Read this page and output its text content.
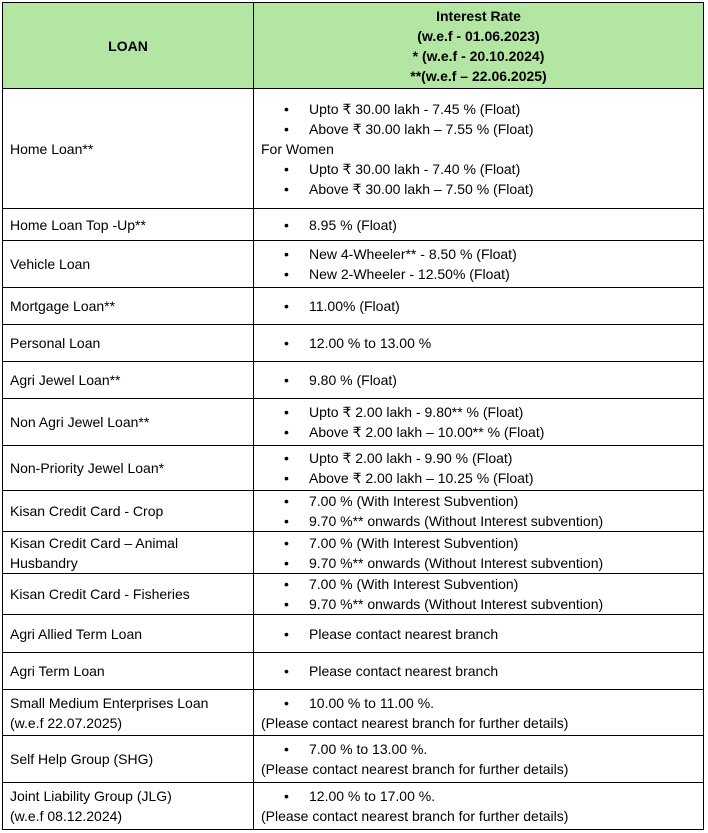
LOAN	Interest Rate
(w.e.f - 01.06.2023)
* (w.e.f - 20.10.2024)
**(w.e.f – 22.06.2025)

Home Loan**	• Upto ₹ 30.00 lakh - 7.45 % (Float)
• Above ₹ 30.00 lakh – 7.55 % (Float)
For Women
• Upto ₹ 30.00 lakh - 7.40 % (Float)
• Above ₹ 30.00 lakh – 7.50 % (Float)

Home Loan Top -Up**	• 8.95 % (Float)

Vehicle Loan	• New 4-Wheeler** - 8.50 % (Float)
• New 2-Wheeler - 12.50% (Float)

Mortgage Loan**	• 11.00% (Float)

Personal Loan	• 12.00 % to 13.00 %

Agri Jewel Loan**	• 9.80 % (Float)

Non Agri Jewel Loan**	• Upto ₹ 2.00 lakh - 9.80** % (Float)
• Above ₹ 2.00 lakh – 10.00** % (Float)

Non-Priority Jewel Loan*	• Upto ₹ 2.00 lakh - 9.90 % (Float)
• Above ₹ 2.00 lakh – 10.25 % (Float)

Kisan Credit Card - Crop	• 7.00 % (With Interest Subvention)
• 9.70 %** onwards (Without Interest subvention)

Kisan Credit Card – Animal
Husbandry	• 7.00 % (With Interest Subvention)
• 9.70 %** onwards (Without Interest subvention)

Kisan Credit Card - Fisheries	• 7.00 % (With Interest Subvention)
• 9.70 %** onwards (Without Interest subvention)

Agri Allied Term Loan	• Please contact nearest branch

Agri Term Loan	• Please contact nearest branch

Small Medium Enterprises Loan
(w.e.f 22.07.2025)	• 10.00 % to 11.00 %.
(Please contact nearest branch for further details)

Self Help Group (SHG)	• 7.00 % to 13.00 %.
(Please contact nearest branch for further details)

Joint Liability Group (JLG)
(w.e.f 08.12.2024)	• 12.00 % to 17.00 %.
(Please contact nearest branch for further details)
